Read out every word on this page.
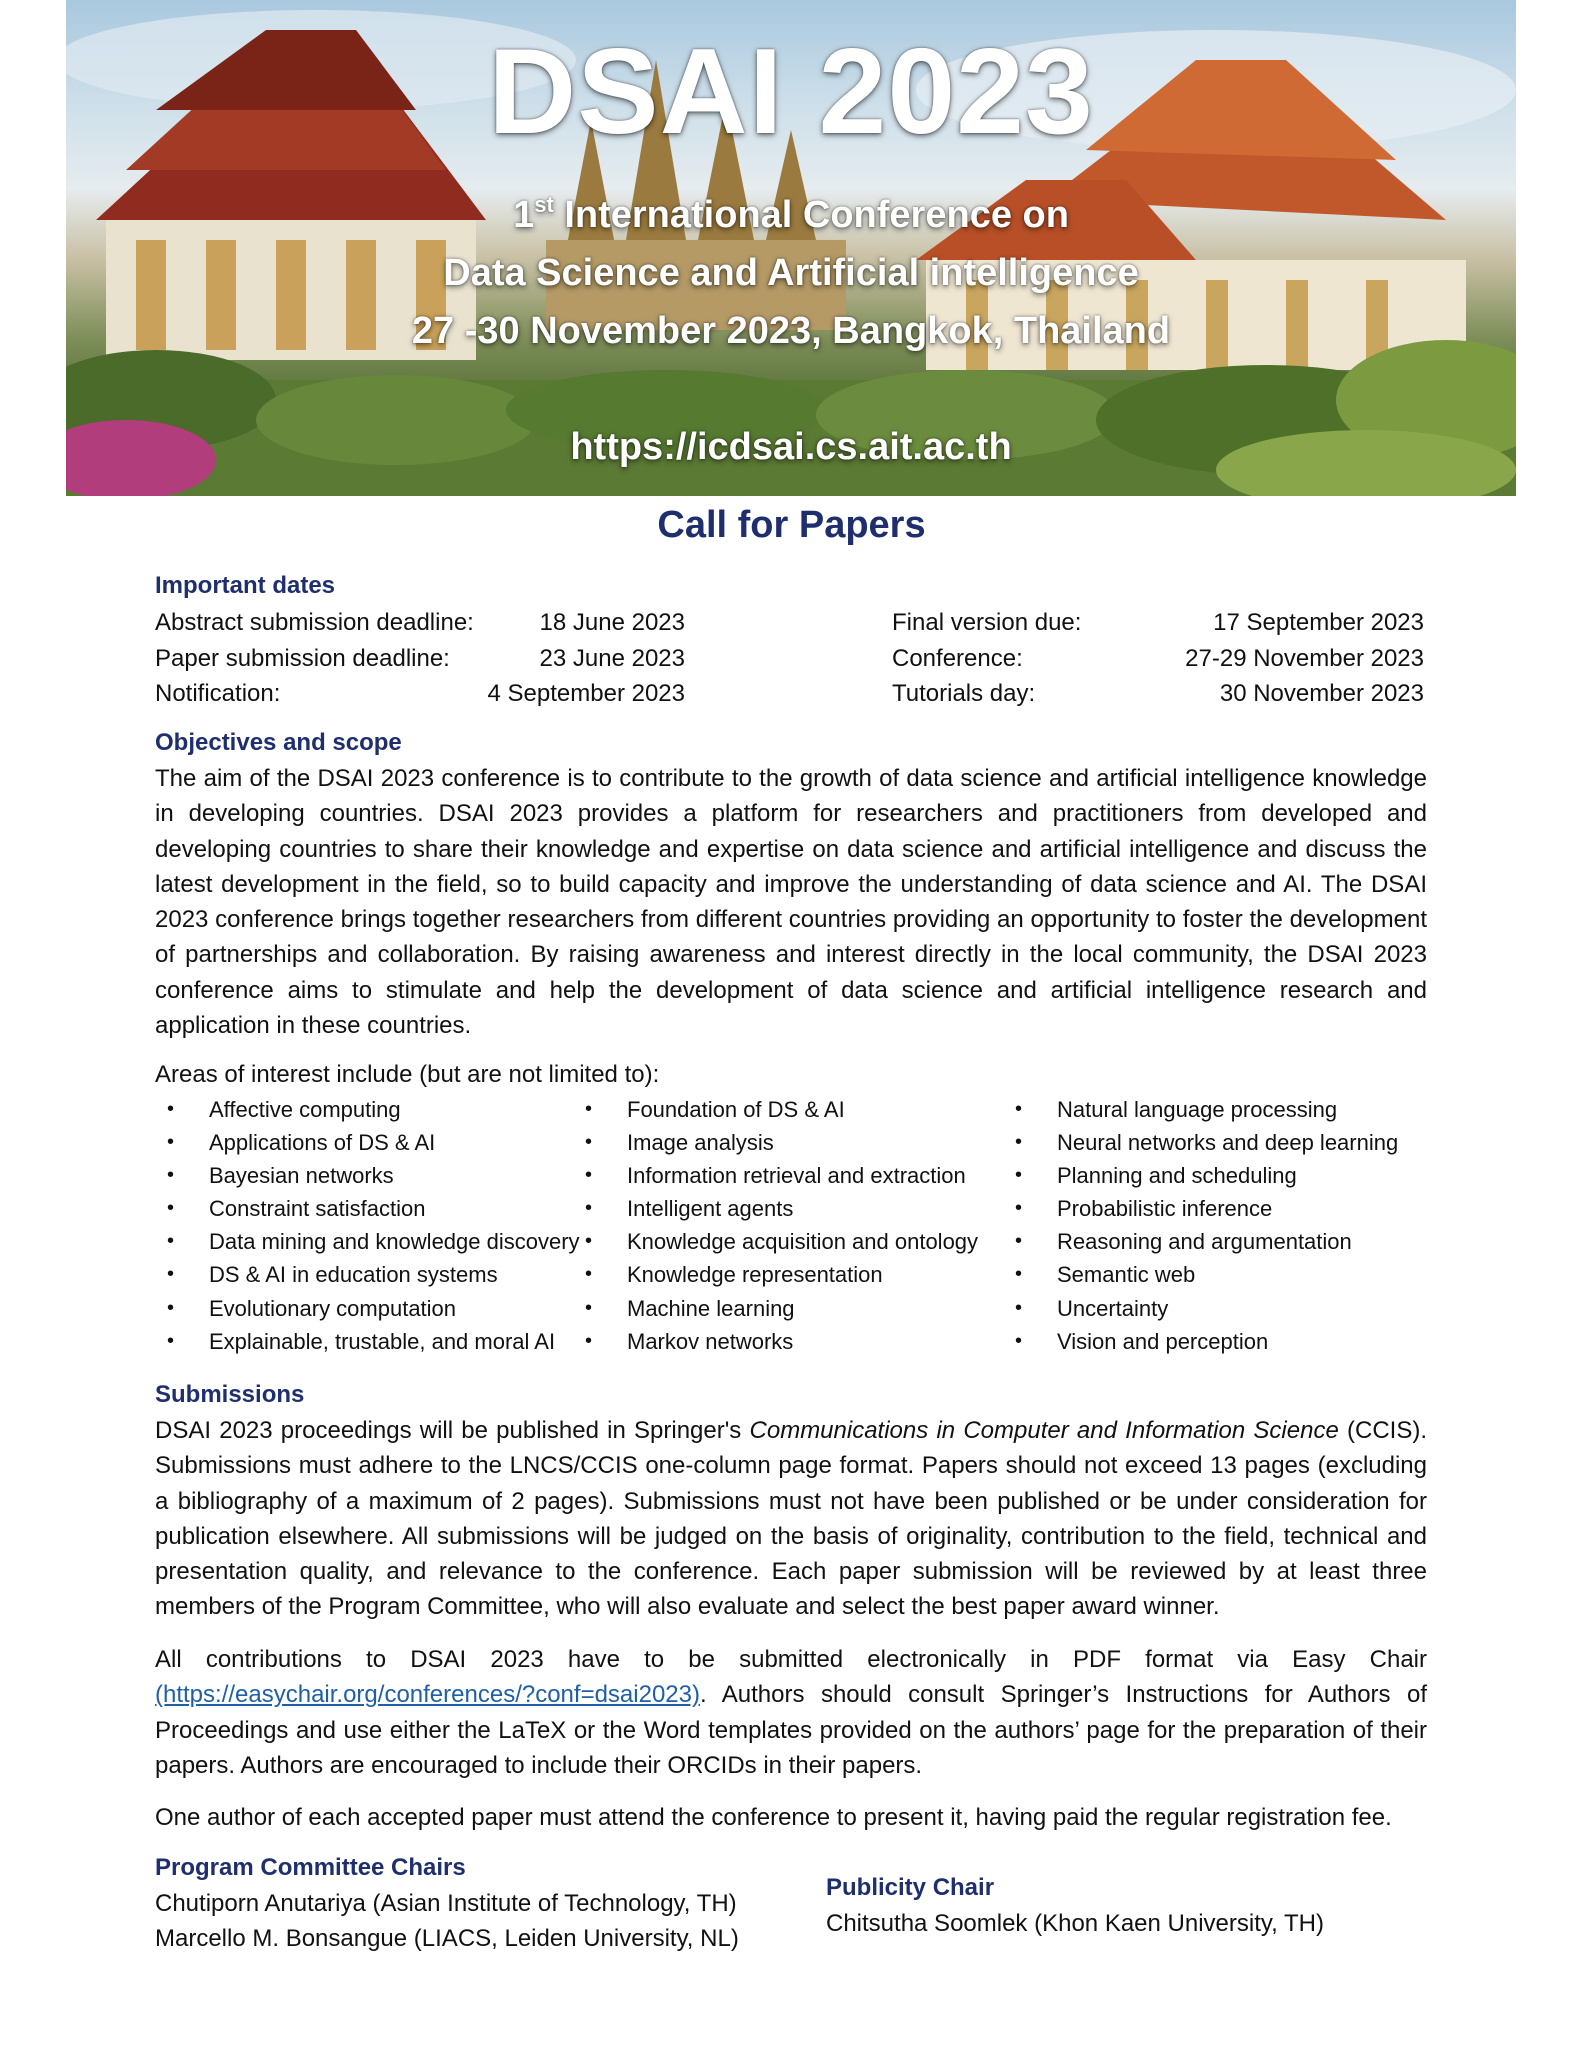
DSAI 2023
1st International Conference on
Data Science and Artificial intelligence
27 -30 November 2023, Bangkok, Thailand
https://icdsai.cs.ait.ac.th
Call for Papers
Important dates
Abstract submission deadline:	18 June 2023
Paper submission deadline:	23 June 2023
Notification:	4 September 2023
Final version due:	17 September 2023
Conference:	27-29 November 2023
Tutorials day:	30 November 2023
Objectives and scope
The aim of the DSAI 2023 conference is to contribute to the growth of data science and artificial intelligence knowledge in developing countries. DSAI 2023 provides a platform for researchers and practitioners from developed and developing countries to share their knowledge and expertise on data science and artificial intelligence and discuss the latest development in the field, so to build capacity and improve the understanding of data science and AI. The DSAI 2023 conference brings together researchers from different countries providing an opportunity to foster the development of partnerships and collaboration. By raising awareness and interest directly in the local community, the DSAI 2023 conference aims to stimulate and help the development of data science and artificial intelligence research and application in these countries.
Areas of interest include (but are not limited to):
• Affective computing
• Applications of DS & AI
• Bayesian networks
• Constraint satisfaction
• Data mining and knowledge discovery
• DS & AI in education systems
• Evolutionary computation
• Explainable, trustable, and moral AI
• Foundation of DS & AI
• Image analysis
• Information retrieval and extraction
• Intelligent agents
• Knowledge acquisition and ontology
• Knowledge representation
• Machine learning
• Markov networks
• Natural language processing
• Neural networks and deep learning
• Planning and scheduling
• Probabilistic inference
• Reasoning and argumentation
• Semantic web
• Uncertainty
• Vision and perception
Submissions
DSAI 2023 proceedings will be published in Springer's Communications in Computer and Information Science (CCIS). Submissions must adhere to the LNCS/CCIS one-column page format. Papers should not exceed 13 pages (excluding a bibliography of a maximum of 2 pages). Submissions must not have been published or be under consideration for publication elsewhere. All submissions will be judged on the basis of originality, contribution to the field, technical and presentation quality, and relevance to the conference. Each paper submission will be reviewed by at least three members of the Program Committee, who will also evaluate and select the best paper award winner.
All contributions to DSAI 2023 have to be submitted electronically in PDF format via Easy Chair (https://easychair.org/conferences/?conf=dsai2023). Authors should consult Springer’s Instructions for Authors of Proceedings and use either the LaTeX or the Word templates provided on the authors’ page for the preparation of their papers. Authors are encouraged to include their ORCIDs in their papers.
One author of each accepted paper must attend the conference to present it, having paid the regular registration fee.
Program Committee Chairs
Chutiporn Anutariya (Asian Institute of Technology, TH)
Marcello M. Bonsangue (LIACS, Leiden University, NL)
Publicity Chair
Chitsutha Soomlek (Khon Kaen University, TH)
